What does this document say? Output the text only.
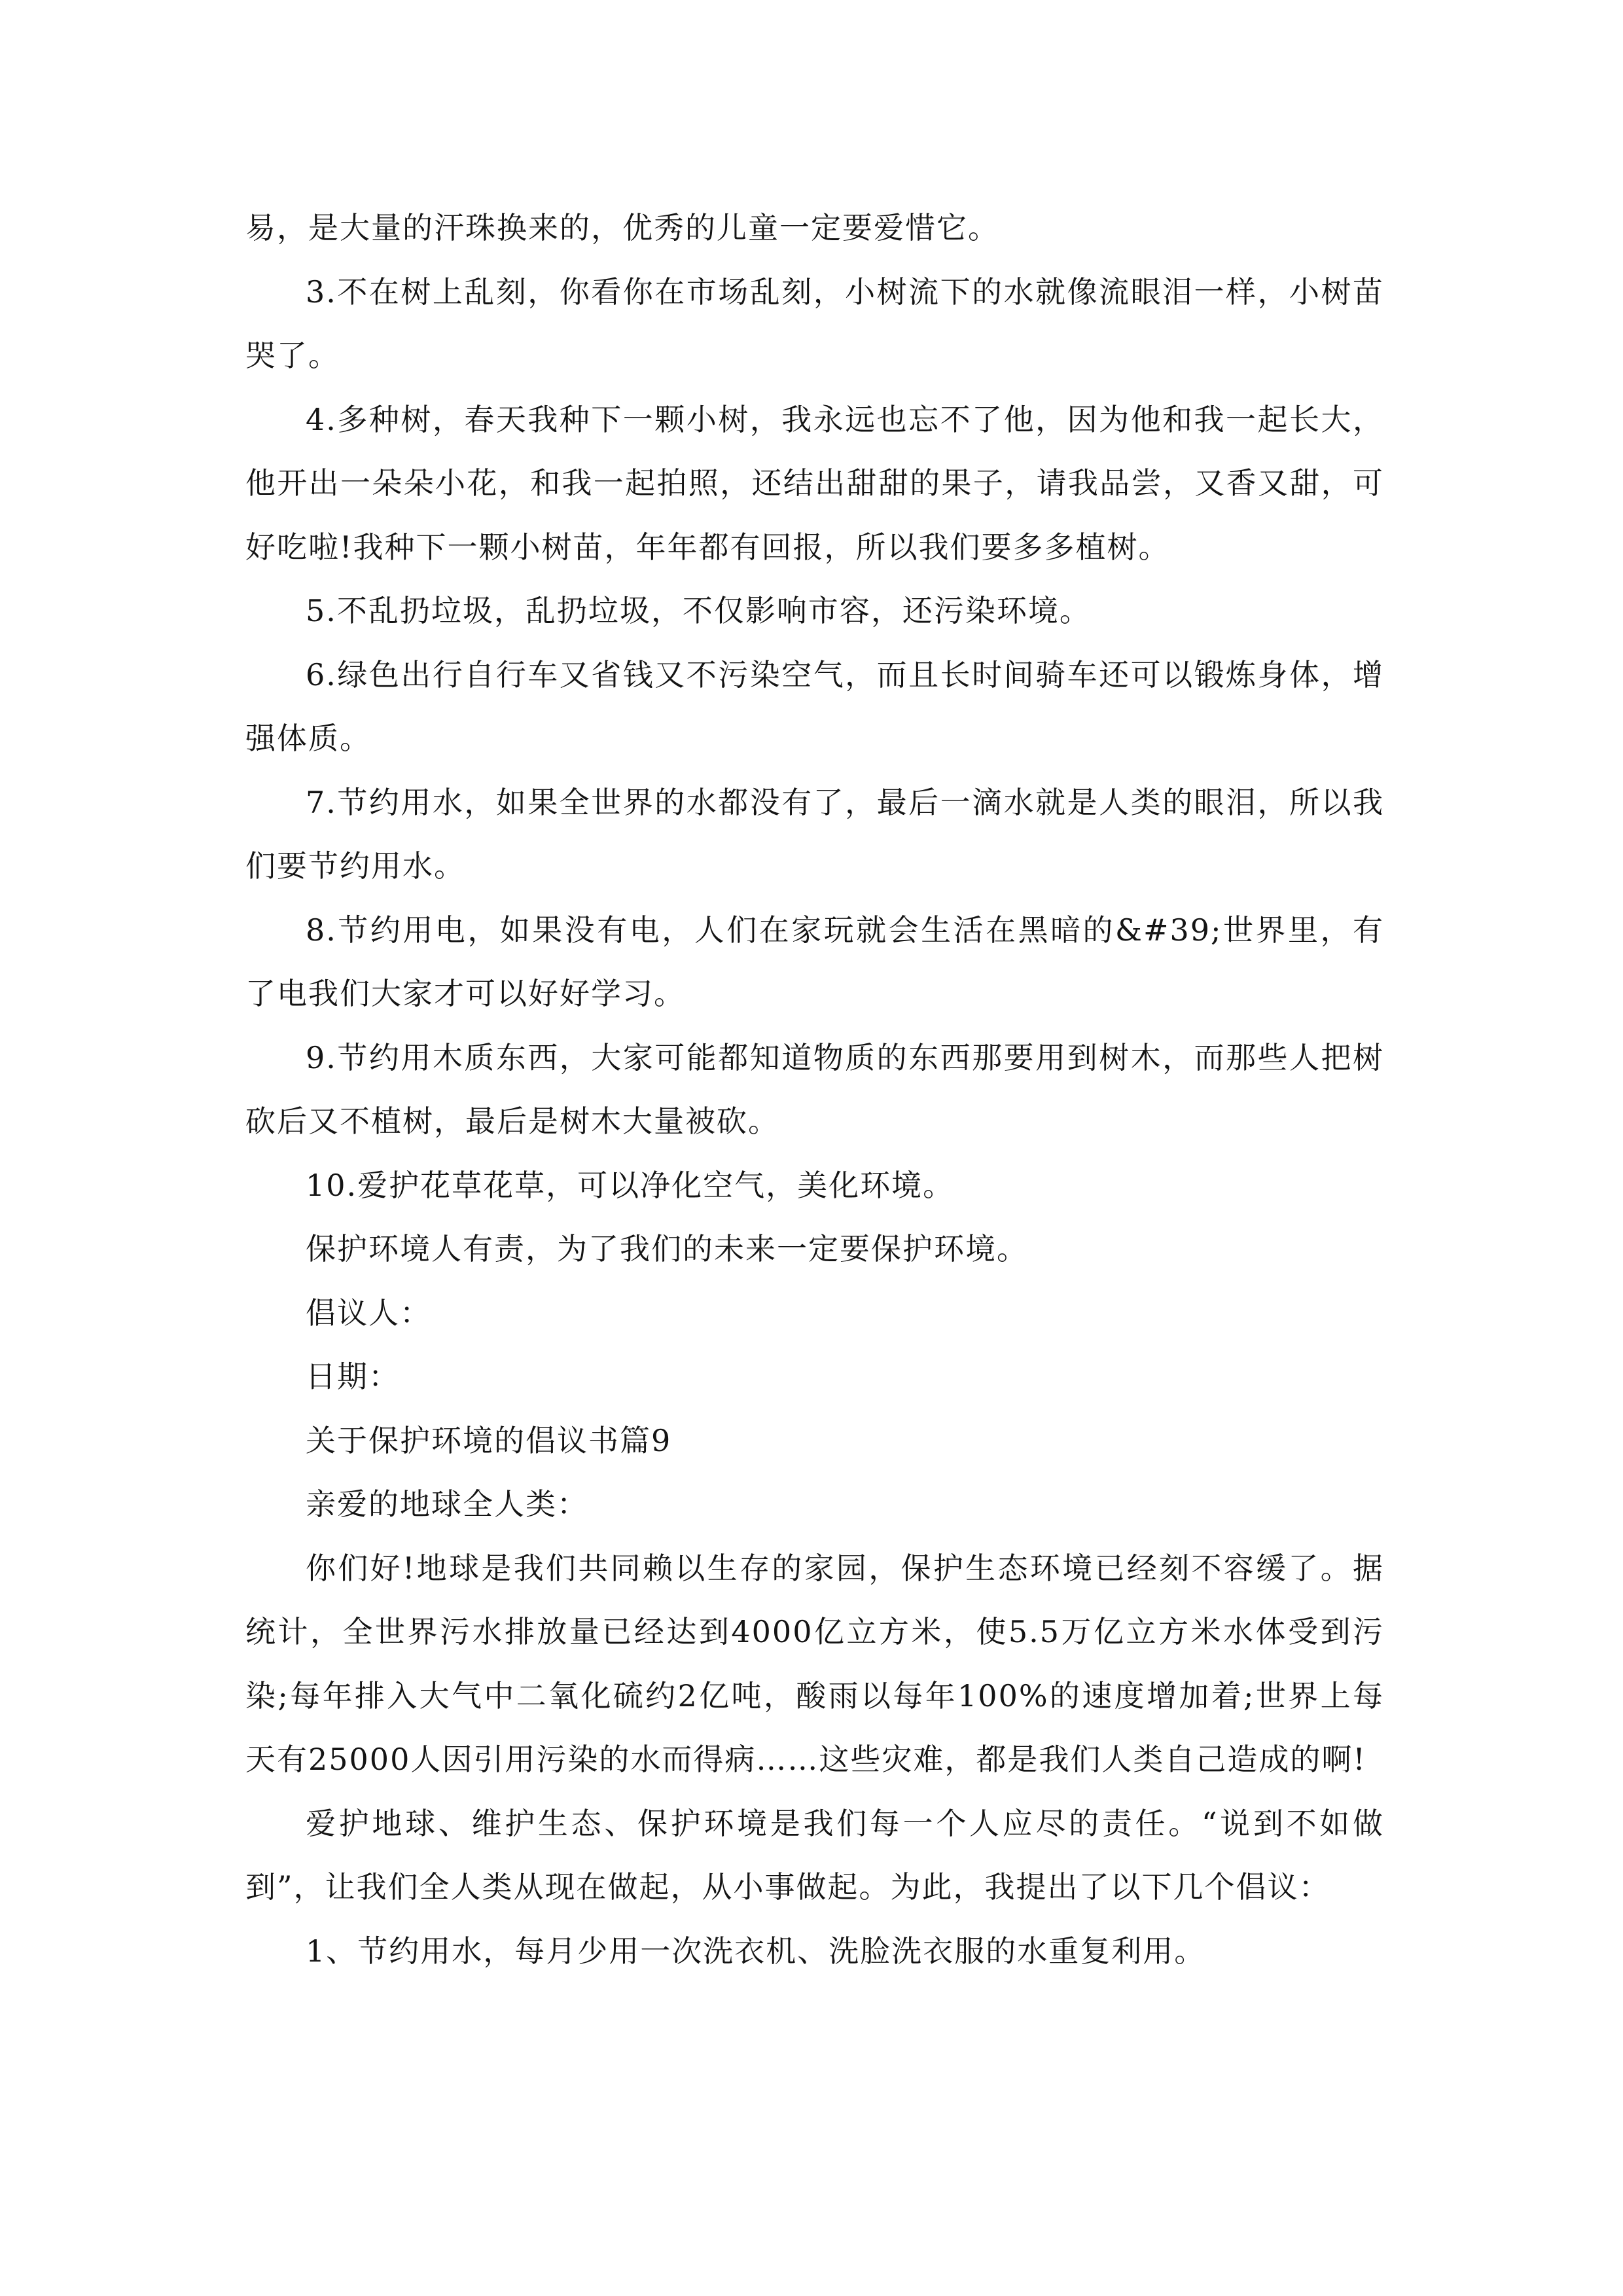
易，是大量的汗珠换来的，优秀的儿童一定要爱惜它。

3.不在树上乱刻，你看你在市场乱刻，小树流下的水就像流眼泪一样，小树苗哭了。

4.多种树，春天我种下一颗小树，我永远也忘不了他，因为他和我一起长大，他开出一朵朵小花，和我一起拍照，还结出甜甜的果子，请我品尝，又香又甜，可好吃啦!我种下一颗小树苗，年年都有回报，所以我们要多多植树。

5.不乱扔垃圾，乱扔垃圾，不仅影响市容，还污染环境。

6.绿色出行自行车又省钱又不污染空气，而且长时间骑车还可以锻炼身体，增强体质。

7.节约用水，如果全世界的水都没有了，最后一滴水就是人类的眼泪，所以我们要节约用水。

8.节约用电，如果没有电，人们在家玩就会生活在黑暗的&#39;世界里，有了电我们大家才可以好好学习。

9.节约用木质东西，大家可能都知道物质的东西那要用到树木，而那些人把树砍后又不植树，最后是树木大量被砍。

10.爱护花草花草，可以净化空气，美化环境。

保护环境人有责，为了我们的未来一定要保护环境。

倡议人：

日期：

关于保护环境的倡议书篇9

亲爱的地球全人类：

你们好!地球是我们共同赖以生存的家园，保护生态环境已经刻不容缓了。据统计，全世界污水排放量已经达到4000亿立方米，使5.5万亿立方米水体受到污染;每年排入大气中二氧化硫约2亿吨，酸雨以每年100%的速度增加着;世界上每天有25000人因引用污染的水而得病……这些灾难，都是我们人类自己造成的啊!

爱护地球、维护生态、保护环境是我们每一个人应尽的责任。“说到不如做到”，让我们全人类从现在做起，从小事做起。为此，我提出了以下几个倡议：

1、节约用水，每月少用一次洗衣机、洗脸洗衣服的水重复利用。
